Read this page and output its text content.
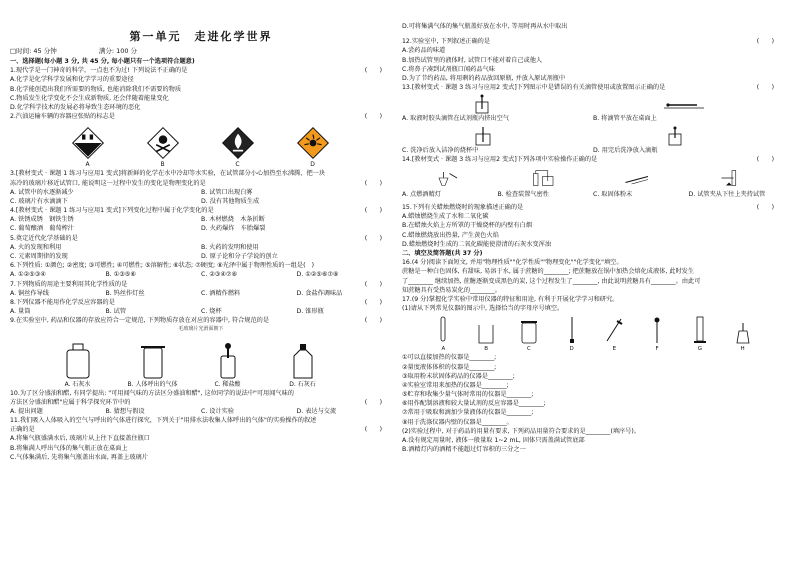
第一单元　走进化学世界
□时间: 45 分钟	满分: 100 分
一、选择题(每小题 3 分, 共 45 分, 每小题只有一个选项符合题意)
1.现代学是一门神奇的科学，一点也不为过! 下列说法不正确的是	(　　)
A.化学是化学科学发展和化学学习的重要途径
B.化学能创造出我们所需要的物质, 也能消除我们不需要的物质
C.物质发生化学变化不会生成新物质, 还会伴随着能量变化
D.化学科学技术的发展必将导致生态环境的恶化
2.汽油运输车辆的容器应张贴的标志是	(　　)
A	B	C	D
3.[教材变式 · 课题 1 练习与应用1 变式]将新鲜的化学在水中冷却等水实验，在试管部分小心加热至水沸腾，把一块
冻冷的玻璃片移近试管口, 能说明这一过程中发生的变化是物理变化的是	(　　)
A. 试管中的水逐渐减少	B. 试管口出现白雾
C. 玻璃片有水滴滴下	D. 没有其他物质生成
4.[教材变式 · 课题 1 练习与应用1 变式]下列变化过程中属于化学变化的是	(　　)
A. 铁锈成锈　钢铁生锈	B. 木材燃烧　木条折断
C. 葡萄酿酒　葡萄榨汁	D. 火药爆炸　车胎爆裂
5.奠定近代化学基础的是	(　　)
A. 火的发现和利用	B. 火药的发明和使用
C. 元素周期律的发现	D. 原子论和分子学说的创立
6.下列性质: ①颜色; ②密度; ③可燃性; ④可燃性; ⑤溶解性; ⑥状态; ⑦硬度; ⑧光泽中属于物理性质的一组是(　)
A. ①②⑤③④	B. ①③⑤⑥	C. ②③④⑦⑧	D. ①②⑤⑥⑦⑧
7.下列物质的用途主要利用其化学性质的是	(　　)
A. 铜丝作导线	B. 钨丝作灯丝	C. 酒精作燃料	D. 食盐作调味品
8.下列仪器不能用作化学反应容器的是	(　　)
A. 量筒	B. 试管	C. 烧杯	D. 锥形瓶
9.在实验室中, 药品和仪器的存放应符合一定规范, 下列物质存放在对应的容器中, 符合规范的是	(　　)
毛玻璃片光滑面朝下
A. 石灰水	B. 人体呼出的气体	C. 稀盐酸	D. 石灰石
10.为了区分盛油和醋, 有同学提出: "可用闻气味的方法区分盛油和醋", 这位同学的说法中"可用闻气味的
方法区分盛油和醋"应属于科学探究环节中的	(　　)
A. 提出问题	B. 猜想与假设	C. 设计实验	D. 表达与交流
11.我们吸入人体吸入的空气与呼出的气体进行探究，下列关于"用排水法收集人体呼出的气体"的实验操作的叙述
正确的是	(　　)
A.将集气瓶盛满水后, 玻璃片从上往下直接盖住瓶口
B.将集满人呼出气体的集气瓶正放在桌面上
C.气体集满后, 先将集气瓶盖出水面, 再盖上玻璃片
D.可将集满气体的集气瓶盖好放在水中, 等用时再从水中取出
12.实验室中, 下列叙述正确的是	(　　)
A.尝药品的味道
B.加热试管里的液体时, 试管口不能对着自己或他人
C.将鼻子凑到试剂瓶口闻药品气味
D.为了节约药品, 将用剩的药品放回原瓶, 并放入原试剂瓶中
13.[教材变式 · 课题 3 练习与应用2 变式]下列图示中是错误的有关滴管使用或放置图示正确的是	(　　)
A. 取液时胶头滴管在试剂瓶内挤出空气	B. 将滴管平放在桌面上
C. 洗净后放入洁净的烧杯中	D. 用完后洗净放入滴瓶
14.[教材变式 · 课题 3 练习与应用2 变式]下列各项中实验操作正确的是	(　　)
A. 点燃酒精灯	B. 检查装置气密性	C. 取固体粉末	D. 试管夹从下往上夹持试管
15.下列有关蜡烛燃烧时的现象描述正确的是	(　　)
A.蜡烛燃烧生成了水和二氧化碳
B.在蜡烛火焰上方所罩的干燥烧杯的内壁有白烟
C.蜡烛燃烧放出热量, 产生黄色火焰
D.蜡烛燃烧时生成的二氧化碳能使澄清的石灰水变浑浊
二、填空及简答题(共 37 分)
16.(4 分)阅读下面短文, 并用"物理性质""化学性质""物理变化""化学变化"填空。
蔗糖是一种白色固体, 有甜味, 易溶于水, 属于蔗糖的________; 把蔗糖放在锅中加热会熔化成液体, 此时发生
了________ 继续加热, 蔗糖逐渐变成黑色的炭, 这个过程发生了________, 由此说明蔗糖具有________。由此可
知蔗糖具有受热易炭化的________。
17.(9 分)掌握化学实验中常用仪器的特征和用途, 有利于开展化学学习和研究。
(1)请从下列常见仪器的图示中, 选择恰当的字母序号填空。
A	B	C	D	E	F	G	H
①可以直接加热的仪器是________;
②量度液体体积的仪器是________;
③取用粉末状固体药品的仪器是________;
④实验室常用来加热的仪器是________;
⑤贮存和收集少量气体时常用的仪器是________;
⑥用作配制溶液和较大量试剂的反应容器是________;
⑦常用于吸取和滴加少量液体的仪器是________;
⑧用于洗涤仪器内壁的仪器是________。
(2)实验过程中, 对于药品的用量有要求, 下列药品用量符合要求的是________(填序号)。
A.没有规定用量时, 液体一般量取 1~2 mL, 固体只需盖满试管底部
B.酒精灯内的酒精不能超过灯容积的三分之一
